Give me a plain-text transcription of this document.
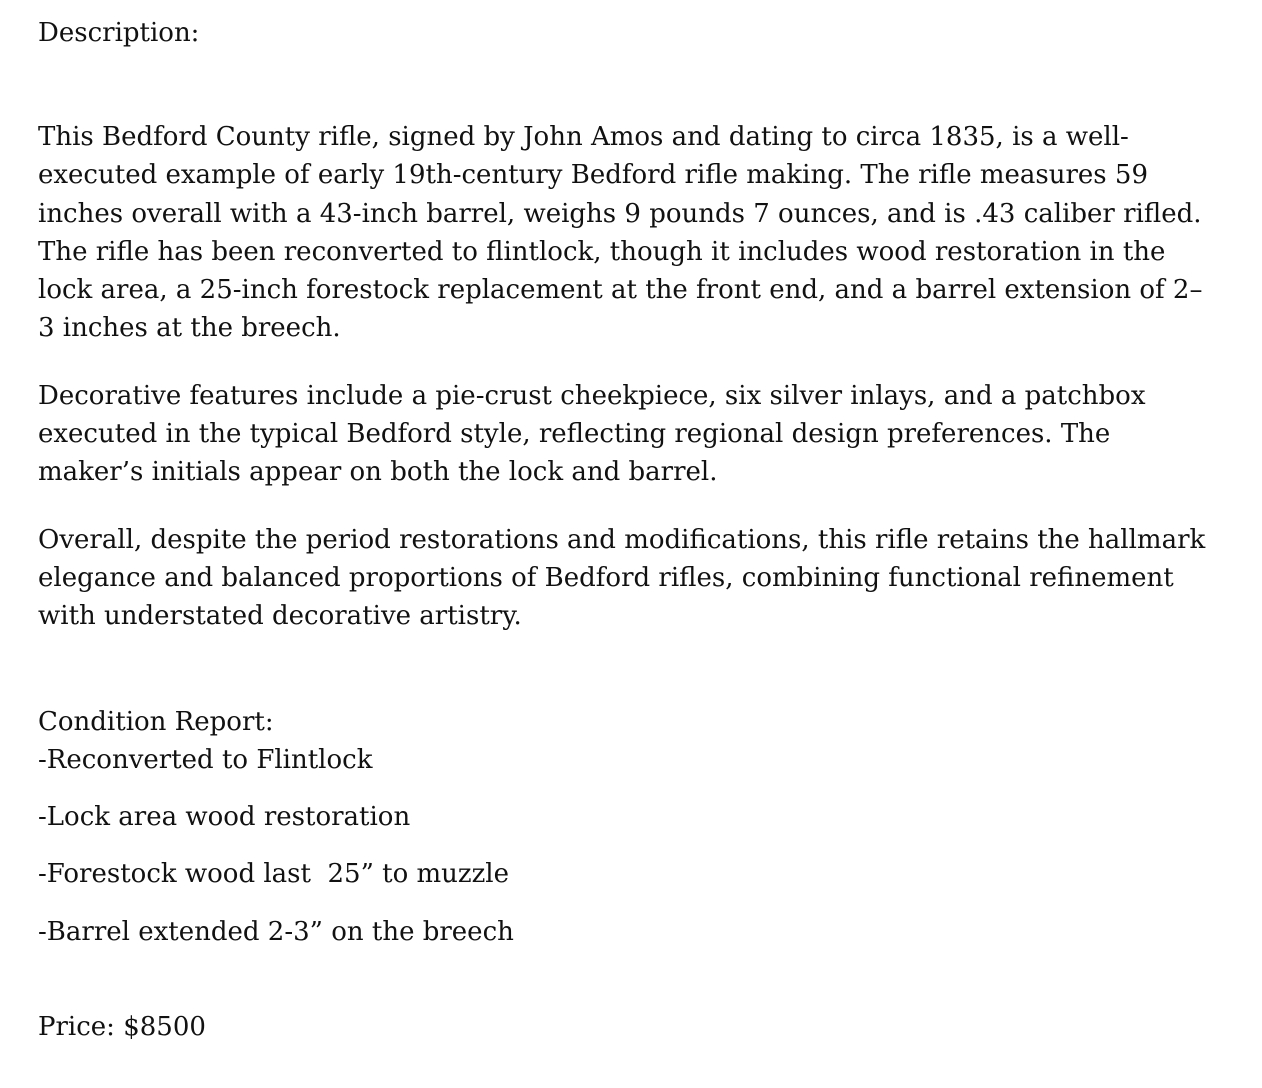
Description:

This Bedford County rifle, signed by John Amos and dating to circa 1835, is a well-executed example of early 19th-century Bedford rifle making. The rifle measures 59 inches overall with a 43-inch barrel, weighs 9 pounds 7 ounces, and is .43 caliber rifled. The rifle has been reconverted to flintlock, though it includes wood restoration in the lock area, a 25-inch forestock replacement at the front end, and a barrel extension of 2–3 inches at the breech.

Decorative features include a pie-crust cheekpiece, six silver inlays, and a patchbox executed in the typical Bedford style, reflecting regional design preferences. The maker’s initials appear on both the lock and barrel.

Overall, despite the period restorations and modifications, this rifle retains the hallmark elegance and balanced proportions of Bedford rifles, combining functional refinement with understated decorative artistry.

Condition Report:

-Reconverted to Flintlock

-Lock area wood restoration

-Forestock wood last  25” to muzzle

-Barrel extended 2-3” on the breech

Price: $8500
